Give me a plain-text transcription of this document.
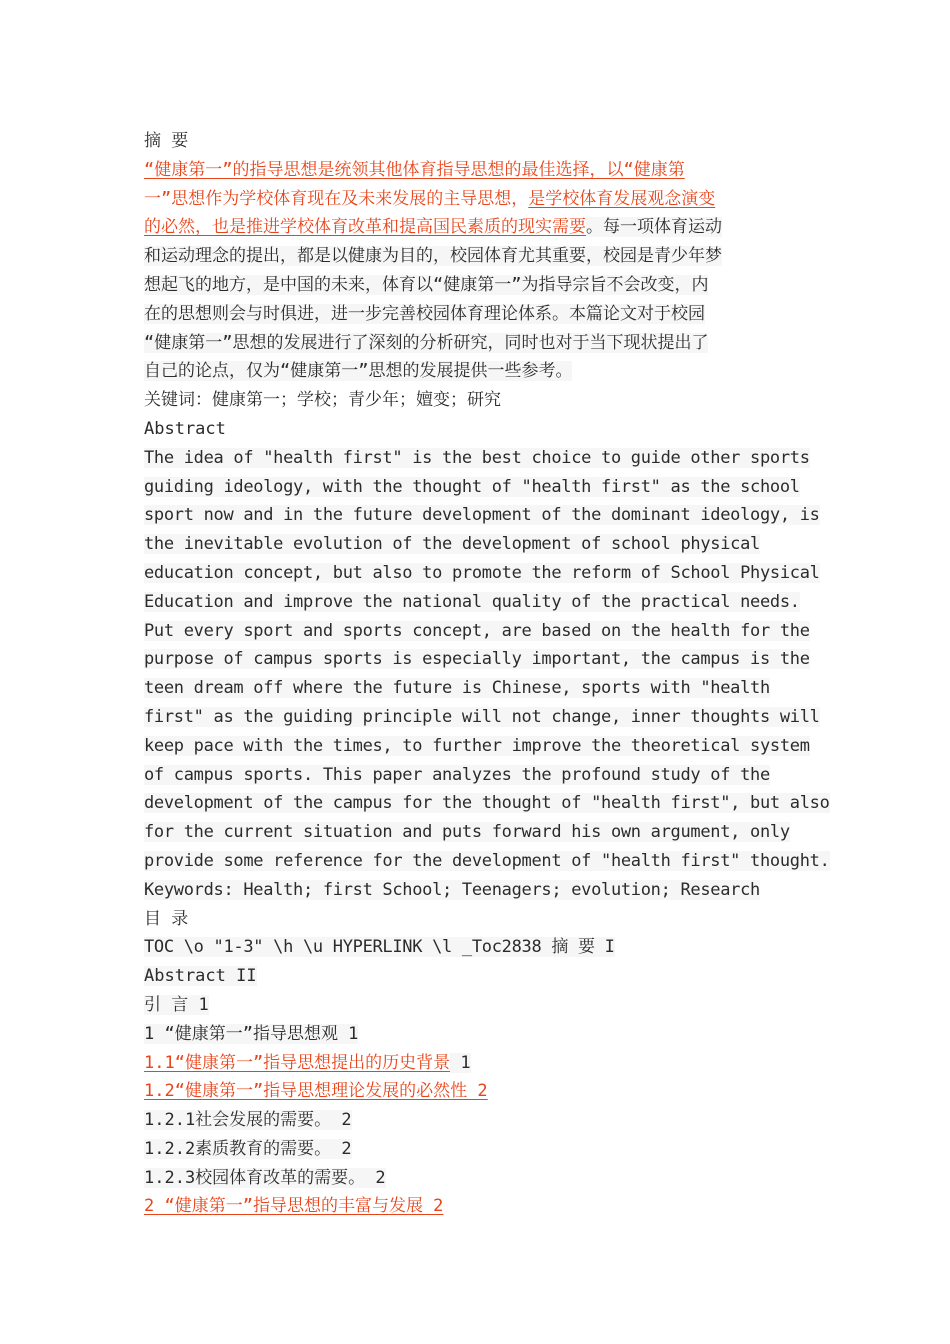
摘 要
“健康第一”的指导思想是统领其他体育指导思想的最佳选择，以“健康第
一”思想作为学校体育现在及未来发展的主导思想，是学校体育发展观念演变
的必然，也是推进学校体育改革和提高国民素质的现实需要。每一项体育运动
和运动理念的提出，都是以健康为目的，校园体育尤其重要，校园是青少年梦
想起飞的地方，是中国的未来，体育以“健康第一”为指导宗旨不会改变，内
在的思想则会与时俱进，进一步完善校园体育理论体系。本篇论文对于校园
“健康第一”思想的发展进行了深刻的分析研究，同时也对于当下现状提出了
自己的论点，仅为“健康第一”思想的发展提供一些参考。
关键词：健康第一；学校；青少年；嬗变；研究
Abstract
The idea of "health first" is the best choice to guide other sports
guiding ideology, with the thought of "health first" as the school
sport now and in the future development of the dominant ideology, is
the inevitable evolution of the development of school physical
education concept, but also to promote the reform of School Physical
Education and improve the national quality of the practical needs.
Put every sport and sports concept, are based on the health for the
purpose of campus sports is especially important, the campus is the
teen dream off where the future is Chinese, sports with "health
first" as the guiding principle will not change, inner thoughts will
keep pace with the times, to further improve the theoretical system
of campus sports. This paper analyzes the profound study of the
development of the campus for the thought of "health first", but also
for the current situation and puts forward his own argument, only
provide some reference for the development of "health first" thought.
Keywords: Health; first School; Teenagers; evolution; Research
目 录
TOC \o "1-3" \h \u HYPERLINK \l _Toc2838 摘 要 I
Abstract II
引 言 1
1 “健康第一”指导思想观 1
1.1“健康第一”指导思想提出的历史背景 1
1.2“健康第一”指导思想理论发展的必然性 2
1.2.1社会发展的需要。 2
1.2.2素质教育的需要。 2
1.2.3校园体育改革的需要。 2
2 “健康第一”指导思想的丰富与发展 2
